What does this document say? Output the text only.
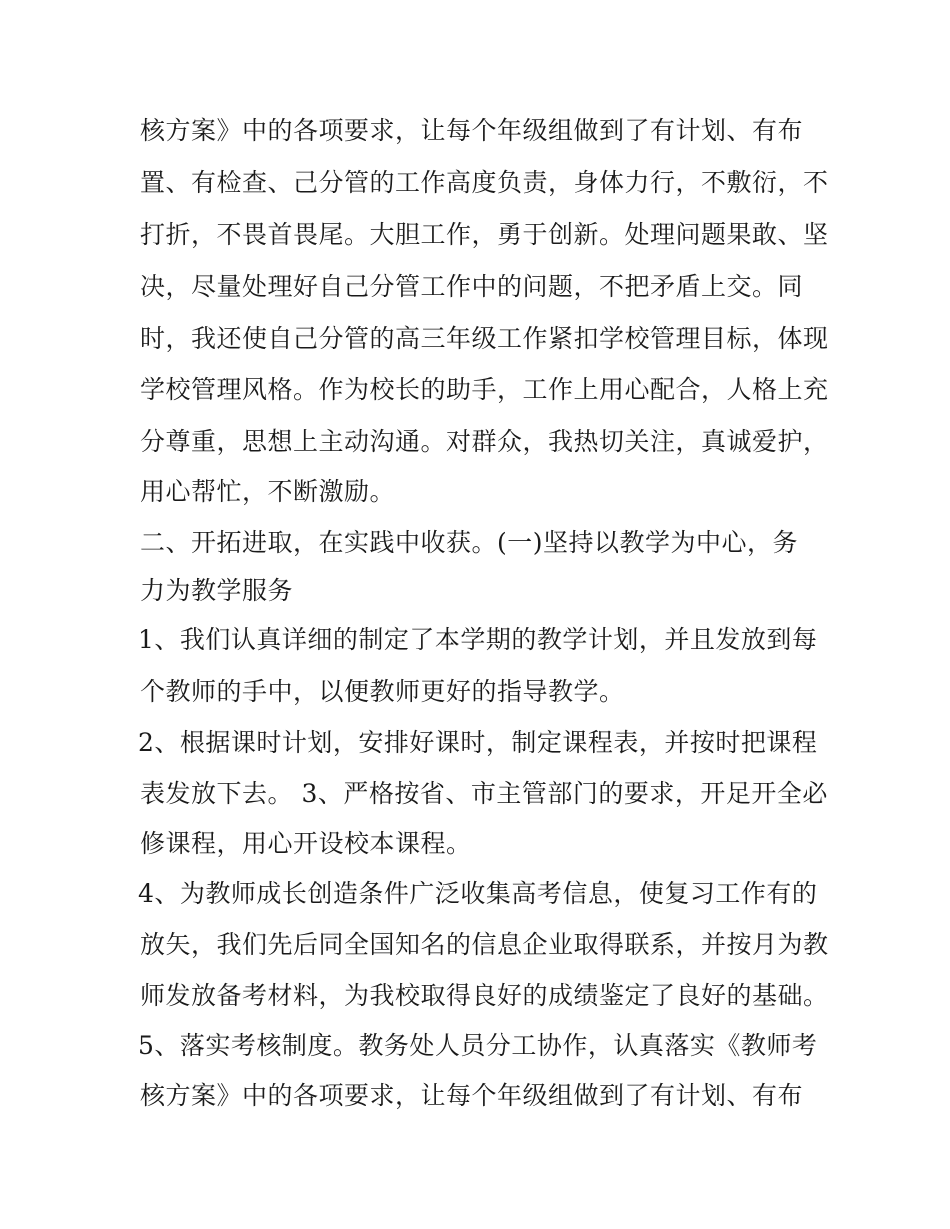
核方案》中的各项要求，让每个年级组做到了有计划、有布
置、有检查、己分管的工作高度负责，身体力行，不敷衍，不
打折，不畏首畏尾。大胆工作，勇于创新。处理问题果敢、坚
决，尽量处理好自己分管工作中的问题，不把矛盾上交。同
时，我还使自己分管的高三年级工作紧扣学校管理目标，体现
学校管理风格。作为校长的助手，工作上用心配合，人格上充
分尊重，思想上主动沟通。对群众，我热切关注，真诚爱护，
用心帮忙，不断激励。
二、开拓进取，在实践中收获。(一)坚持以教学为中心，务
力为教学服务
1、我们认真详细的制定了本学期的教学计划，并且发放到每
个教师的手中，以便教师更好的指导教学。
2、根据课时计划，安排好课时，制定课程表，并按时把课程
表发放下去。 3、严格按省、市主管部门的要求，开足开全必
修课程，用心开设校本课程。
4、为教师成长创造条件广泛收集高考信息，使复习工作有的
放矢，我们先后同全国知名的信息企业取得联系，并按月为教
师发放备考材料，为我校取得良好的成绩鉴定了良好的基础。
5、落实考核制度。教务处人员分工协作，认真落实《教师考
核方案》中的各项要求，让每个年级组做到了有计划、有布
